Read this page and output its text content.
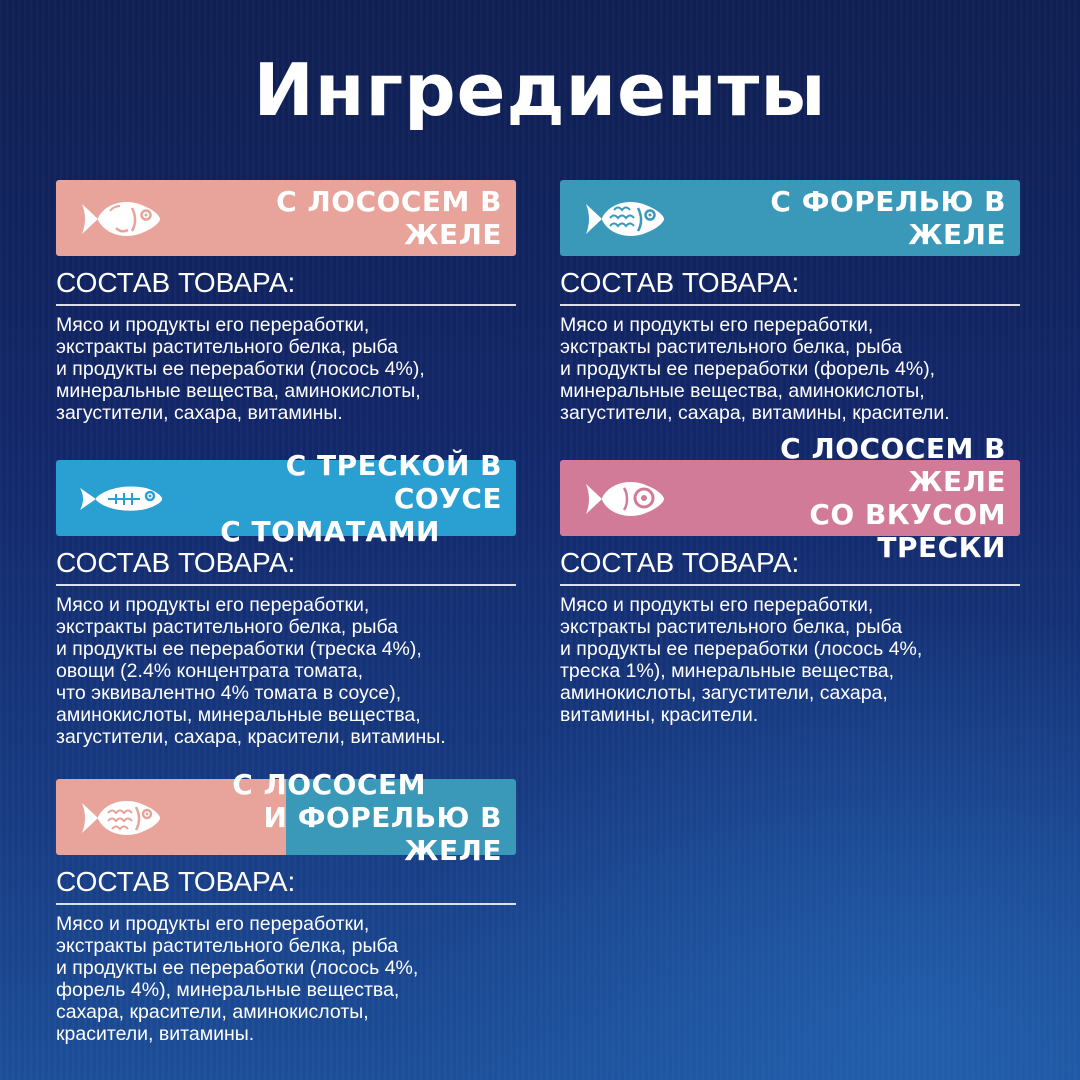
Ингредиенты
С ЛОСОСЕМ В ЖЕЛЕ
СОСТАВ ТОВАРА:
Мясо и продукты его переработки,
экстракты растительного белка, рыба
и продукты ее переработки (лосось 4%),
минеральные вещества, аминокислоты,
загустители, сахара, витамины.
С ФОРЕЛЬЮ В ЖЕЛЕ
СОСТАВ ТОВАРА:
Мясо и продукты его переработки,
экстракты растительного белка, рыба
и продукты ее переработки (форель 4%),
минеральные вещества, аминокислоты,
загустители, сахара, витамины, красители.
С ТРЕСКОЙ В СОУСЕ
С ТОМАТАМИ
СОСТАВ ТОВАРА:
Мясо и продукты его переработки,
экстракты растительного белка, рыба
и продукты ее переработки (треска 4%),
овощи (2.4% концентрата томата,
что эквивалентно 4% томата в соусе),
аминокислоты, минеральные вещества,
загустители, сахара, красители, витамины.
С ЛОСОСЕМ В ЖЕЛЕ
СО ВКУСОМ ТРЕСКИ
СОСТАВ ТОВАРА:
Мясо и продукты его переработки,
экстракты растительного белка, рыба
и продукты ее переработки (лосось 4%,
треска 1%), минеральные вещества,
аминокислоты, загустители, сахара,
витамины, красители.
С ЛОСОСЕМ
И ФОРЕЛЬЮ В ЖЕЛЕ
СОСТАВ ТОВАРА:
Мясо и продукты его переработки,
экстракты растительного белка, рыба
и продукты ее переработки (лосось 4%,
форель 4%), минеральные вещества,
сахара, красители, аминокислоты,
красители, витамины.
